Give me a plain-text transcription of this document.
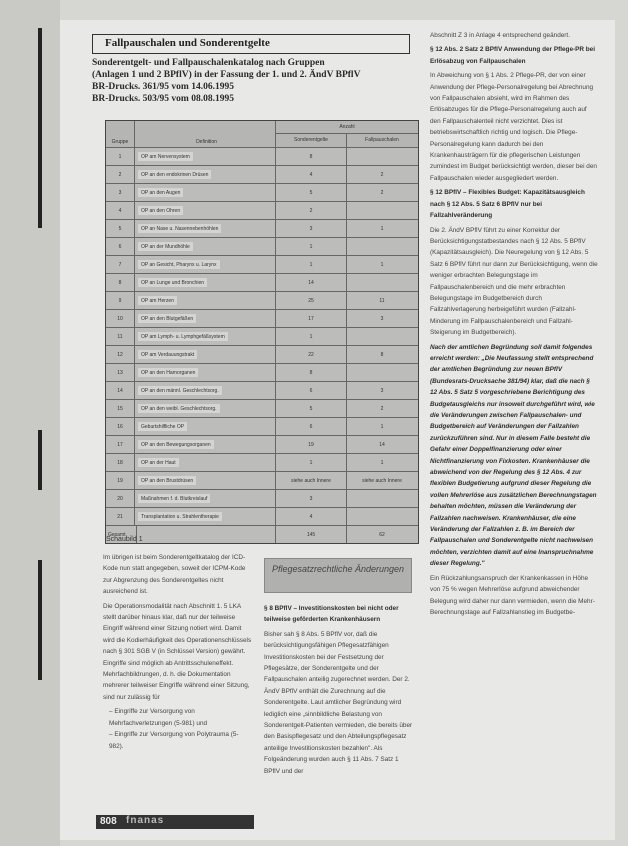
Fallpauschalen und Sonderentgelte
Sonderentgelt- und Fallpauschalenkatalog nach Gruppen
(Anlagen 1 und 2 BPflV) in der Fassung der 1. und 2. ÄndV BPflV
BR-Drucks. 361/95 vom 14.06.1995
BR-Drucks. 503/95 vom 08.08.1995
Gruppe	Definition
Anzahl
Sonderentgelte	Fallpauschalen
1	OP am Nervensystem	8
2	OP an den endokrinen Drüsen	4	2
3	OP an den Augen	5	2
4	OP an den Ohren	2
5	OP an Nase u. Nasennebenhöhlen	3	1
6	OP an der Mundhöhle	1
7	OP an Gesicht, Pharynx u. Larynx	1	1
8	OP an Lunge und Bronchien	14
9	OP am Herzen	25	11
10	OP an den Blutgefäßen	17	3
11	OP am Lymph- u. Lymphgefäßsystem	1
12	OP am Verdauungstrakt	22	8
13	OP an den Harnorganen	8
14	OP an den männl. Geschlechtsorg.	6	3
15	OP an den weibl. Geschlechtsorg.	5	2
16	Geburtshilfliche OP	6	1
17	OP an den Bewegungsorganen	19	14
18	OP an der Haut	1	1
19	OP an den Brustdrüsen	siehe auch Innere	siehe auch Innere
20	Maßnahmen f. d. Blutkreislauf	3
21	Transplantation u. Strahlentherapie	4
Gesamt	145	62
Schaubild 1

Im übrigen ist beim Sonderentgeltkatalog der ICD-Kode nun statt angegeben, soweit der ICPM-Kode zur Abgrenzung des Sonderentgeltes nicht ausreichend ist.

Die Operationsmodalität nach Abschnitt 1. 5 LKA stellt darüber hinaus klar, daß nur der teilweise Eingriff während einer Sitzung notiert wird. Damit wird die Kodierhäufigkeit des Operationenschlüssels nach § 301 SGB V (in Schlüssel Version) gewährt. Eingriffe sind möglich ab Antrittsschuleneffekt. Mehrfachbildrungen, d. h. die Dokumentation mehrerer teilweiser Eingriffe während einer Sitzung, sind nur zulässig für

– Eingriffe zur Versorgung von Mehrfachverletzungen (5-981) und

– Eingriffe zur Versorgung von Polytrauma (5-982).

Pflegesatzrechtliche Änderungen

§ 8 BPflV – Investitionskosten bei nicht oder teilweise geförderten Krankenhäusern

Bisher sah § 8 Abs. 5 BPflV vor, daß die berücksichtigungsfähigen Pflegesatzfähigen Investitionskosten bei der Festsetzung der Pflegesätze, der Sonderentgelte und der Fallpauschalen anteilig zugerechnet werden. Der 2. ÄndV BPflV enthält die Zurechnung auf die Sonderentgelte. Laut amtlicher Begründung wird lediglich eine „sinnbildliche Belastung von Sonderentgelt-Patienten vermieden, die bereits über den Basispflegesatz und den Abteilungspflegesatz anteilige Investitionskosten bezahlen". Als Folgeänderung wurden auch § 11 Abs. 7 Satz 1 BPflV und der

Abschnitt Z 3 in Anlage 4 entsprechend geändert.

§ 12 Abs. 2 Satz 2 BPflV Anwendung der Pflege-PR bei Erlösabzug von Fallpauschalen

In Abweichung von § 1 Abs. 2 Pflege-PR, der von einer Anwendung der Pflege-Personalregelung bei Abrechnung von Fallpauschalen absieht, wird im Rahmen des Erlösabzuges für die Pflege-Personalregelung auch auf den Fallpauschalenteil nicht verzichtet. Dies ist betriebswirtschaftlich richtig und logisch. Die Pflege-Personalregelung kann dadurch bei den Krankenhausträgern für die pflegerischen Leistungen zumindest im Budget berücksichtigt werden, dieser bei den Fallpauschalen wieder ausgegliedert werden.

§ 12 BPflV – Flexibles Budget: Kapazitätsausgleich nach § 12 Abs. 5 Satz 6 BPflV nur bei Fallzahlveränderung

Die 2. ÄndV BPflV führt zu einer Korrektur der Berücksichtigungstatbestandes nach § 12 Abs. 5 BPflV (Kapazitätsausgleich). Die Neuregelung von § 12 Abs. 5 Satz 6 BPflV führt nur dann zur Berücksichtigung, wenn die weniger erbrachten Belegungstage im Fallpauschalenbereich und die mehr erbrachten Belegungstage im Budgetbereich durch Fallzahlverlagerung herbeigeführt wurden (Fallzahl-Minderung im Fallpauschalenbereich und Fallzahl-Steigerung im Budgetbereich).

Nach der amtlichen Begründung soll damit folgendes erreicht werden: „Die Neufassung stellt entsprechend der amtlichen Begründung zur neuen BPflV (Bundesrats-Drucksache 381/94) klar, daß die nach § 12 Abs. 5 Satz 5 vorgeschriebene Berichtigung des Budgetausgleichs nur insoweit durchgeführt wird, wie die Veränderungen zwischen Fallpauschalen- und Budgetbereich auf Veränderungen der Fallzahlen zurückzuführen sind. Nur in diesem Falle besteht die Gefahr einer Doppelfinanzierung oder einer Nichtfinanzierung von Fixkosten. Krankenhäuser die abweichend von der Regelung des § 12 Abs. 4 zur flexiblen Budgetierung aufgrund dieser Regelung die vollen Mehrerlöse aus zusätzlichen Berechnungstagen behalten möchten, müssen die Veränderung der Fallzahlen nachweisen. Krankenhäuser, die eine Veränderung der Fallzahlen z. B. im Bereich der Fallpauschalen und Sonderentgelte nicht nachweisen möchten, verzichten damit auf eine Inanspruchnahme dieser Regelung."

Ein Rückzahlungsanspruch der Krankenkassen in Höhe von 75 % wegen Mehrerlöse aufgrund abweichender Belegung wird daher nur dann vermieden, wenn die Mehr-Berechnungstage auf Fallzahlanstieg im Budgetbe-

808 fnanas
